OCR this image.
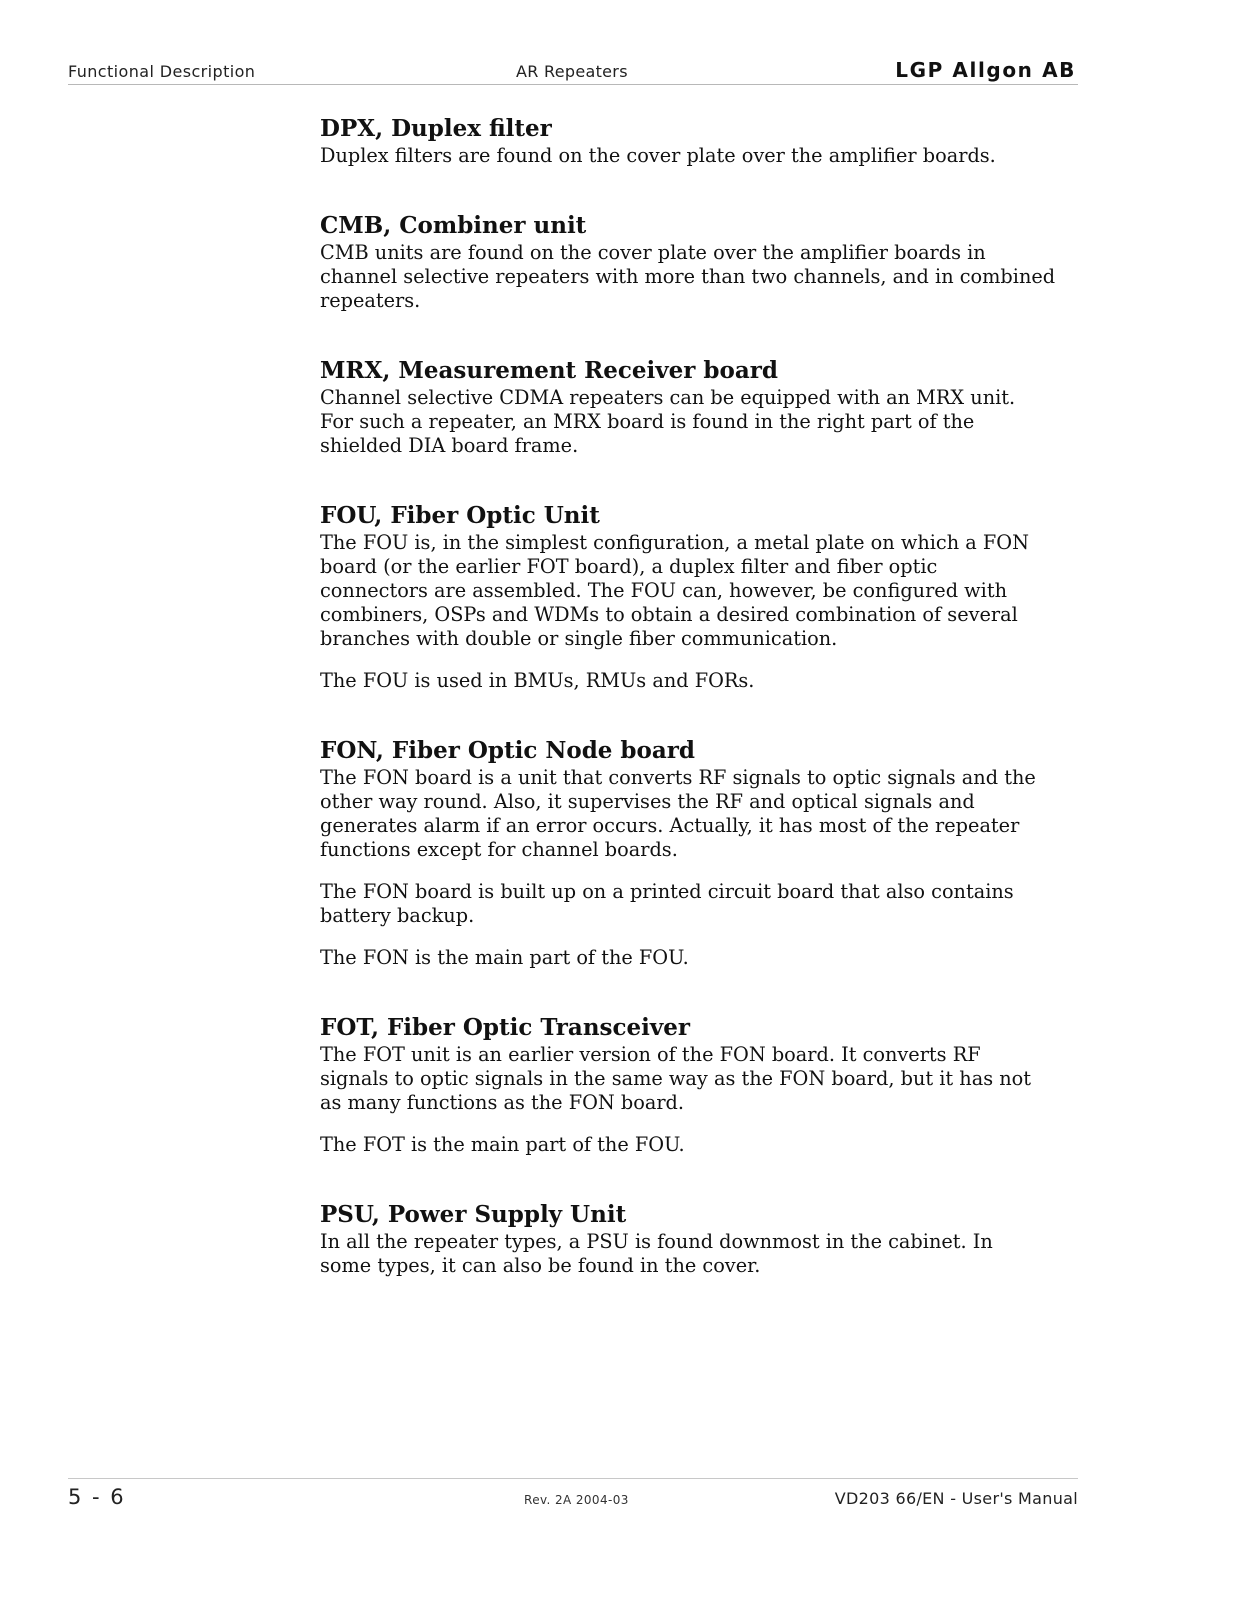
Functional Description	AR Repeaters	LGP Allgon AB
DPX, Duplex filter

Duplex filters are found on the cover plate over the amplifier boards.

CMB, Combiner unit

CMB units are found on the cover plate over the amplifier boards in
channel selective repeaters with more than two channels, and in combined
repeaters.

MRX, Measurement Receiver board

Channel selective CDMA repeaters can be equipped with an MRX unit.
For such a repeater, an MRX board is found in the right part of the
shielded DIA board frame.

FOU, Fiber Optic Unit

The FOU is, in the simplest configuration, a metal plate on which a FON
board (or the earlier FOT board), a duplex filter and fiber optic
connectors are assembled. The FOU can, however, be configured with
combiners, OSPs and WDMs to obtain a desired combination of several
branches with double or single fiber communication.

The FOU is used in BMUs, RMUs and FORs.

FON, Fiber Optic Node board

The FON board is a unit that converts RF signals to optic signals and the
other way round. Also, it supervises the RF and optical signals and
generates alarm if an error occurs. Actually, it has most of the repeater
functions except for channel boards.

The FON board is built up on a printed circuit board that also contains
battery backup.

The FON is the main part of the FOU.

FOT, Fiber Optic Transceiver

The FOT unit is an earlier version of the FON board. It converts RF
signals to optic signals in the same way as the FON board, but it has not
as many functions as the FON board.

The FOT is the main part of the FOU.

PSU, Power Supply Unit

In all the repeater types, a PSU is found downmost in the cabinet. In
some types, it can also be found in the cover.

5 - 6	Rev. 2A 2004-03	VD203 66/EN - User's Manual
